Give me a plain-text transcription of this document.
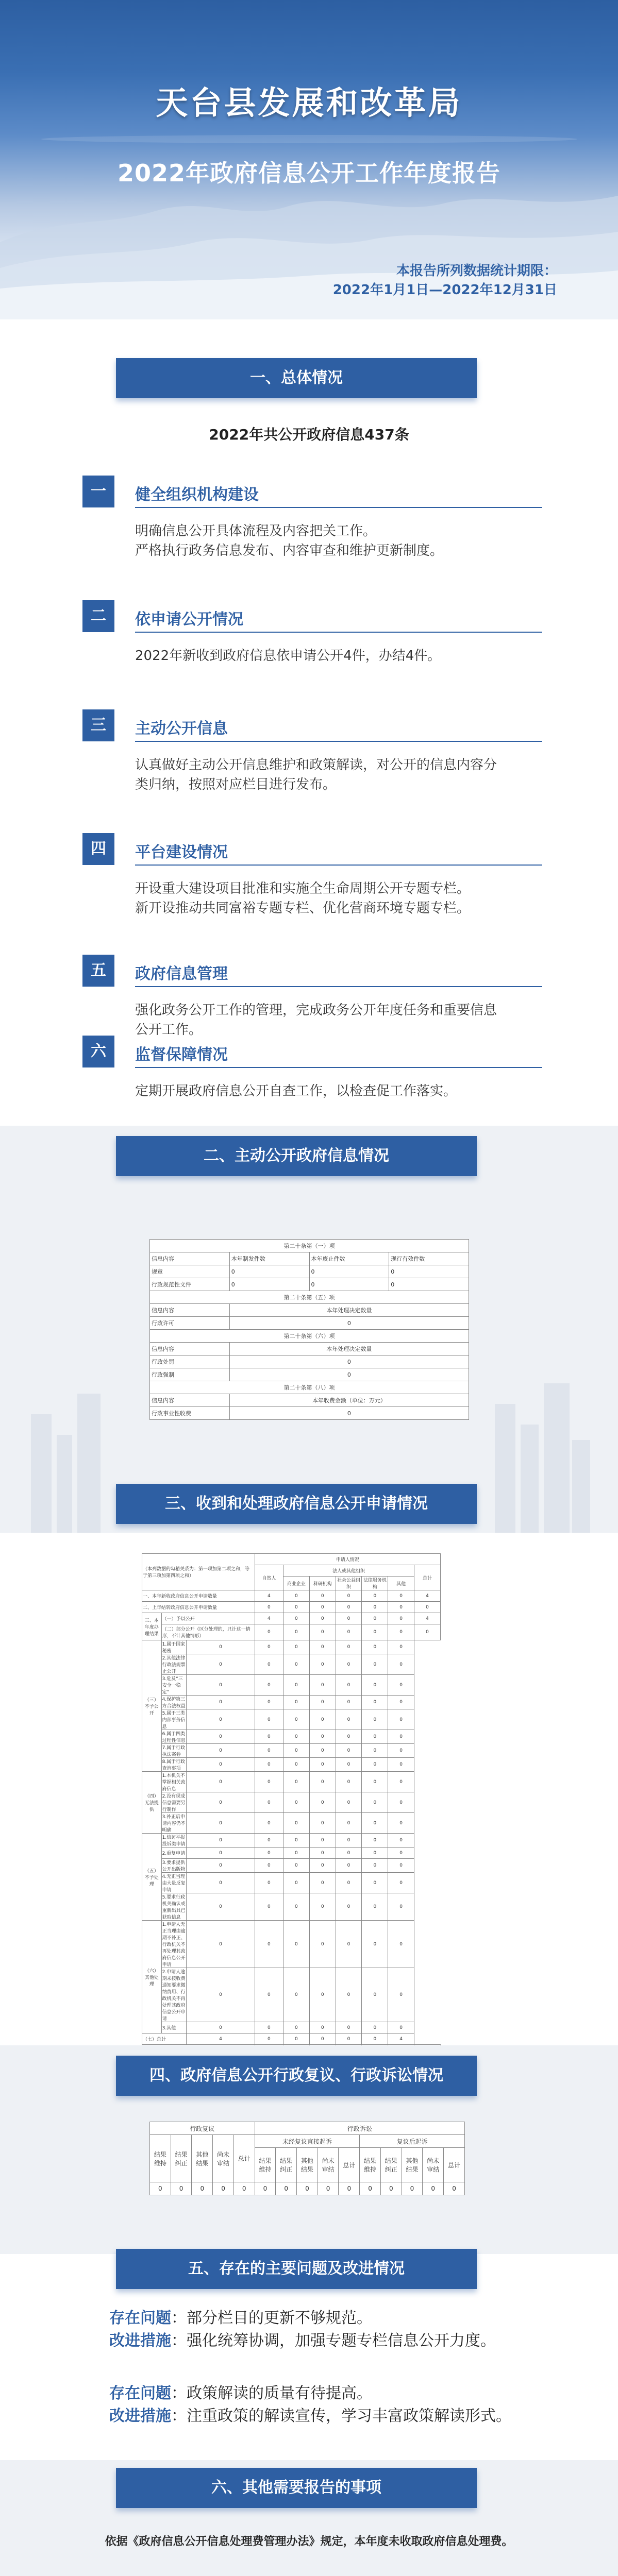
天台县发展和改革局
2022年政府信息公开工作年度报告
本报告所列数据统计期限：
2022年1月1日—2022年12月31日
一、总体情况
2022年共公开政府信息437条
一	健全组织机构建设
明确信息公开具体流程及内容把关工作。
严格执行政务信息发布、内容审查和维护更新制度。
二	依申请公开情况
2022年新收到政府信息依申请公开4件，办结4件。
三	主动公开信息
认真做好主动公开信息维护和政策解读，对公开的信息内容分
类归纳，按照对应栏目进行发布。
四	平台建设情况
开设重大建设项目批准和实施全生命周期公开专题专栏。
新开设推动共同富裕专题专栏、优化营商环境专题专栏。
五	政府信息管理
强化政务公开工作的管理，完成政务公开年度任务和重要信息
公开工作。
六	监督保障情况
定期开展政府信息公开自查工作，以检查促工作落实。
二、主动公开政府信息情况
第二十条第（一）项			
信息内容	本年制发件数	本年废止件数	现行有效件数
规章	0	0	0
行政规范性文件	0	0	0
第二十条第（五）项			
信息内容	本年处理决定数量		
行政许可	0		
第二十条第（六）项			
信息内容	本年处理决定数量		
行政处罚	0		
行政强制	0		
第二十条第（八）项			
信息内容	本年收费金额（单位：万元）		
行政事业性收费	0		
三、收到和处理政府信息公开申请情况
（本列数据的勾稽关系为：第一项加第二项之和，等于第三项加第四项之和）			申请人情况						
			自然人	法人或其他组织					总计
				商业企业	科研机构	社会公益组织	法律服务机构	其他	
一、本年新收政府信息公开申请数量			4	0	0	0	0	0	4
二、上年结转政府信息公开申请数量			0	0	0	0	0	0	0
三、本年度办理结果	（一）予以公开		4	0	0	0	0	0	4
	（二）部分公开（区分处理的，只计这一情形，不计其他情形）		0	0	0	0	0	0	0
（三）不予公开	1.属于国家秘密	0	0	0	0	0	0	0	
	2.其他法律行政法规禁止公开	0	0	0	0	0	0	0	
	3.危及“三安全一稳定”	0	0	0	0	0	0	0	
	4.保护第三方合法权益	0	0	0	0	0	0	0	
	5.属于三类内部事务信息	0	0	0	0	0	0	0	
	6.属于四类过程性信息	0	0	0	0	0	0	0	
	7.属于行政执法案卷	0	0	0	0	0	0	0	
	8.属于行政查询事项	0	0	0	0	0	0	0	
（四）无法提供	1.本机关不掌握相关政府信息	0	0	0	0	0	0	0	
	2.没有现成信息需要另行制作	0	0	0	0	0	0	0	
	3.补正后申请内容仍不明确	0	0	0	0	0	0	0	
（五）不予处理	1.信访举报投诉类申请	0	0	0	0	0	0	0	
	2.重复申请	0	0	0	0	0	0	0	
	3.要求提供公开出版物	0	0	0	0	0	0	0	
	4.无正当理由大量反复申请	0	0	0	0	0	0	0	
	5.要求行政机关确认或重新出具已获取信息	0	0	0	0	0	0	0	
（六）其他处理	1.申请人无正当理由逾期不补正、行政机关不再处理其政府信息公开申请	0	0	0	0	0	0	0	
	2.申请人逾期未按收费通知要求缴纳费用、行政机关不再处理其政府信息公开申请	0	0	0	0	0	0	0	
	3.其他	0	0	0	0	0	0	0	
（七）总计		4	0	0	0	0	0	4	

四、政府信息公开行政复议、行政诉讼情况
行政复议					行政诉讼									
结果维持	结果纠正	其他结果	尚未审结	总计	未经复议直接起诉					复议后起诉				
					结果维持	结果纠正	其他结果	尚未审结	总计	结果维持	结果纠正	其他结果	尚未审结	总计
0	0	0	0	0	0	0	0	0	0	0	0	0	0	0
五、存在的主要问题及改进情况
存在问题：部分栏目的更新不够规范。
改进措施：强化统筹协调，加强专题专栏信息公开力度。
存在问题：政策解读的质量有待提高。
改进措施：注重政策的解读宣传，学习丰富政策解读形式。
六、其他需要报告的事项
依据《政府信息公开信息处理费管理办法》规定，本年度未收取政府信息处理费。
